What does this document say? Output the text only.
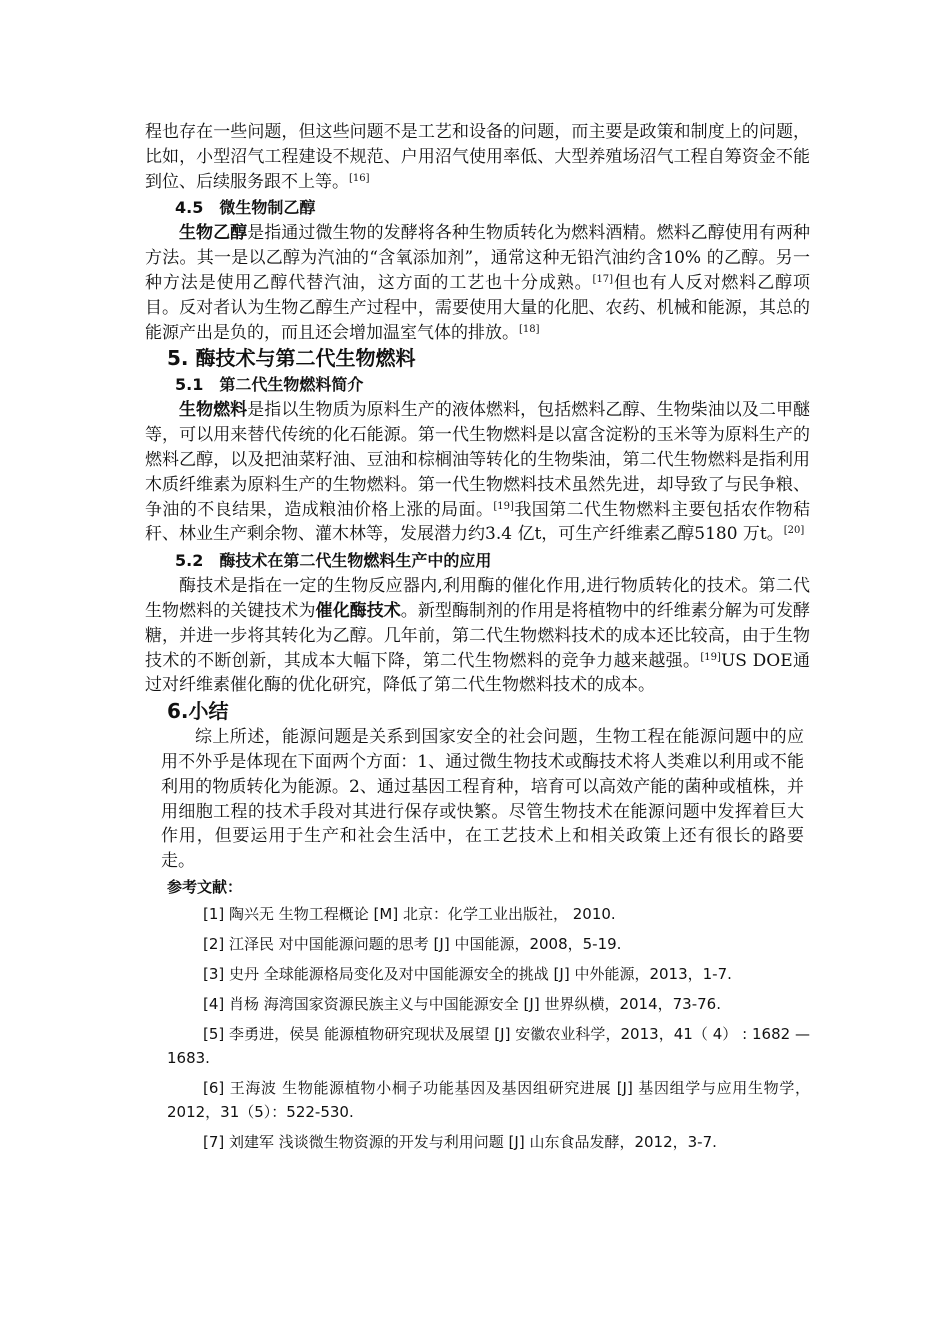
程也存在一些问题，但这些问题不是工艺和设备的问题，而主要是政策和制度上的问题，比如，小型沼气工程建设不规范、户用沼气使用率低、大型养殖场沼气工程自筹资金不能到位、后续服务跟不上等。[16]

4.5　微生物制乙醇

生物乙醇是指通过微生物的发酵将各种生物质转化为燃料酒精。燃料乙醇使用有两种方法。其一是以乙醇为汽油的“含氧添加剂”，通常这种无铅汽油约含10% 的乙醇。另一种方法是使用乙醇代替汽油，这方面的工艺也十分成熟。[17]但也有人反对燃料乙醇项目。反对者认为生物乙醇生产过程中，需要使用大量的化肥、农药、机械和能源，其总的能源产出是负的，而且还会增加温室气体的排放。[18]

5. 酶技术与第二代生物燃料
5.1　第二代生物燃料简介

生物燃料是指以生物质为原料生产的液体燃料，包括燃料乙醇、生物柴油以及二甲醚等，可以用来替代传统的化石能源。第一代生物燃料是以富含淀粉的玉米等为原料生产的燃料乙醇，以及把油菜籽油、豆油和棕榈油等转化的生物柴油，第二代生物燃料是指利用木质纤维素为原料生产的生物燃料。第一代生物燃料技术虽然先进，却导致了与民争粮、争油的不良结果，造成粮油价格上涨的局面。[19]我国第二代生物燃料主要包括农作物秸秆、林业生产剩余物、灌木林等，发展潜力约3.4 亿t，可生产纤维素乙醇5180 万t。[20]

5.2　酶技术在第二代生物燃料生产中的应用

酶技术是指在一定的生物反应器内,利用酶的催化作用,进行物质转化的技术。第二代生物燃料的关键技术为催化酶技术。新型酶制剂的作用是将植物中的纤维素分解为可发酵糖，并进一步将其转化为乙醇。几年前，第二代生物燃料技术的成本还比较高，由于生物技术的不断创新，其成本大幅下降，第二代生物燃料的竞争力越来越强。[19]US DOE通过对纤维素催化酶的优化研究，降低了第二代生物燃料技术的成本。

6.小结

综上所述，能源问题是关系到国家安全的社会问题，生物工程在能源问题中的应用不外乎是体现在下面两个方面：1、通过微生物技术或酶技术将人类难以利用或不能利用的物质转化为能源。2、通过基因工程育种，培育可以高效产能的菌种或植株，并用细胞工程的技术手段对其进行保存或快繁。尽管生物技术在能源问题中发挥着巨大作用，但要运用于生产和社会生活中，在工艺技术上和相关政策上还有很长的路要走。

参考文献：

[1] 陶兴无 生物工程概论 [M] 北京：化学工业出版社， 2010.

[2] 江泽民 对中国能源问题的思考 [J] 中国能源，2008，5-19.

[3] 史丹 全球能源格局变化及对中国能源安全的挑战 [J] 中外能源，2013，1-7.

[4] 肖杨 海湾国家资源民族主义与中国能源安全 [J] 世界纵横，2014，73-76.

[5] 李勇进，侯昊 能源植物研究现状及展望 [J] 安徽农业科学，2013，41（ 4） : 1682 — 1683.

[6] 王海波 生物能源植物小桐子功能基因及基因组研究进展 [J] 基因组学与应用生物学，2012，31（5）：522-530.

[7] 刘建军 浅谈微生物资源的开发与利用问题 [J] 山东食品发酵，2012，3-7.
